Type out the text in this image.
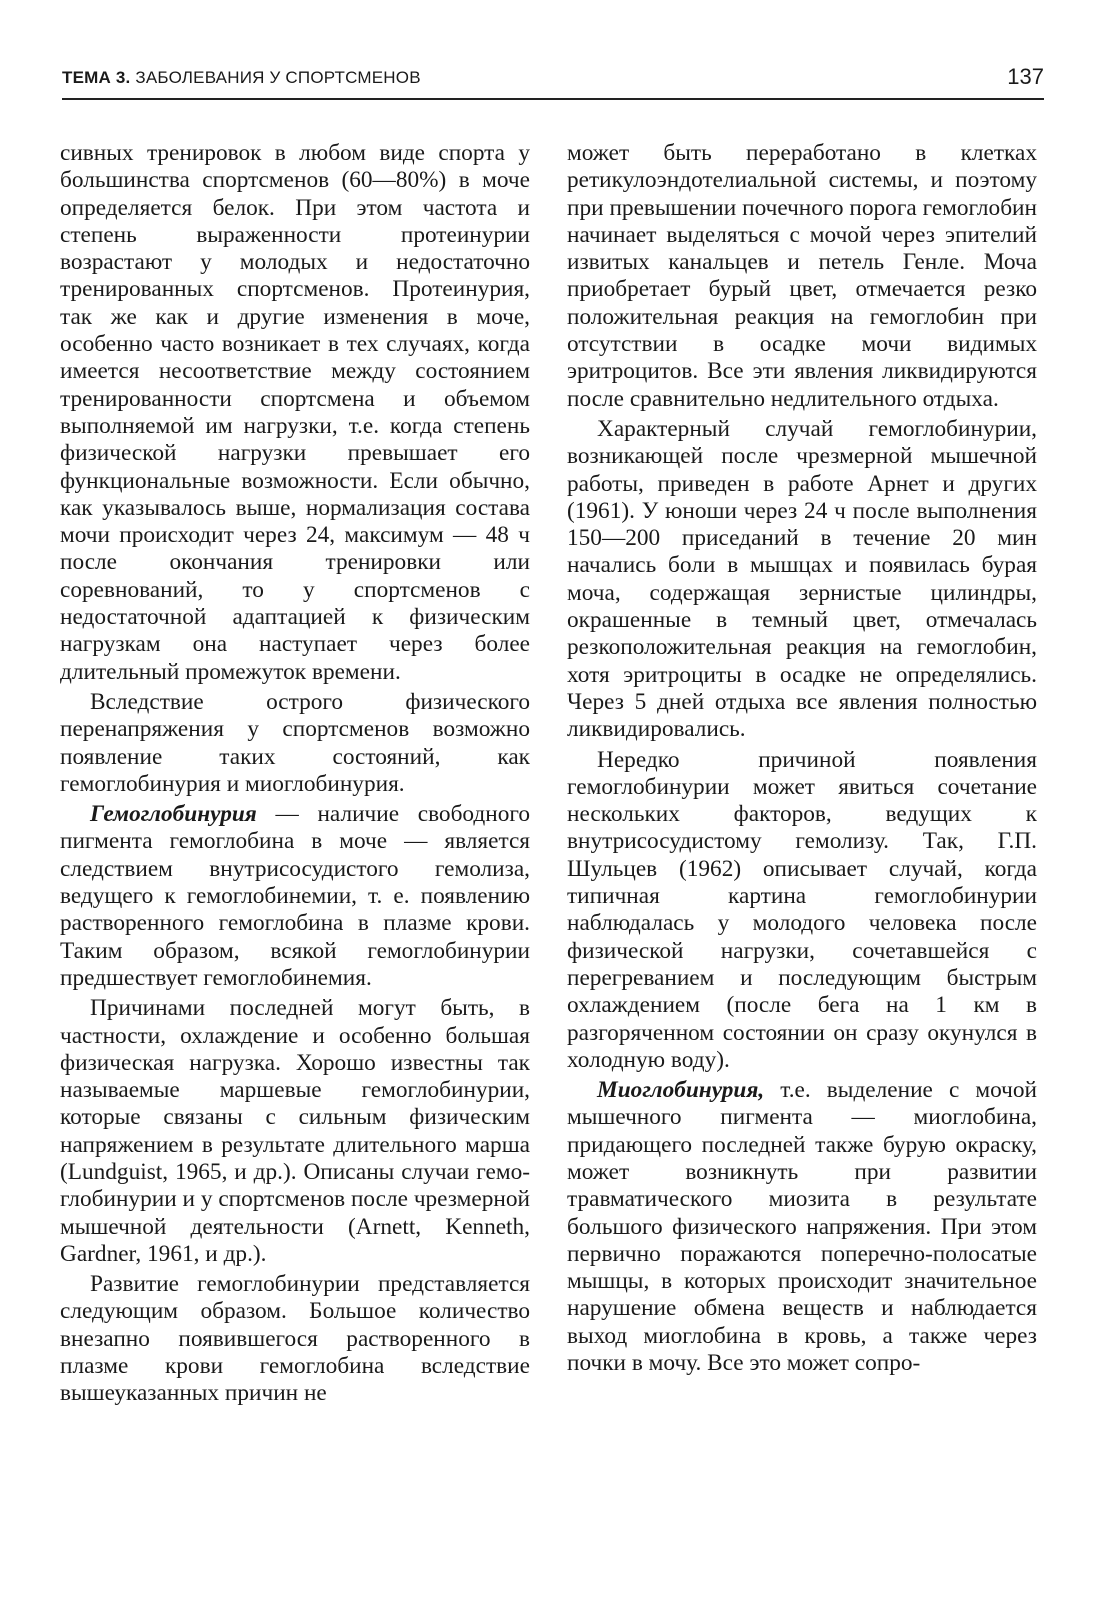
ТЕМА 3. ЗАБОЛЕВАНИЯ У СПОРТСМЕНОВ	137

сивных тренировок в любом виде спорта у большинства спортсменов (60—80%) в моче определяется белок. При этом частота и степень выраженности протеинурии возрастают у молодых и недостаточно тренированных спортсменов. Протеинурия, так же как и другие изменения в моче, особенно часто возникает в тех случаях, когда имеется несоответствие между состоянием тренированности спортсмена и объемом выполняемой им нагрузки, т.е. когда степень физической нагрузки превышает его функциональные возможности. Если обычно, как указывалось выше, нормализация состава мочи происходит через 24, максимум — 48 ч после окончания тренировки или соревнований, то у спортсменов с недостаточной адаптацией к физическим нагрузкам она наступает через более длительный промежуток времени.

Вследствие острого физического перенапряжения у спортсменов возможно появление таких состояний, как гемоглобинурия и миоглобинурия.

Гемоглобинурия — наличие свободного пигмента гемоглобина в моче — является следствием внутрисосудистого гемолиза, ведущего к гемоглобинемии, т. е. появлению растворенного гемоглобина в плазме крови. Таким образом, всякой гемоглобинурии предшествует гемоглобинемия.

Причинами последней могут быть, в частности, охлаждение и особенно большая физическая нагрузка. Хорошо известны так называемые маршевые гемоглобинурии, которые связаны с сильным физическим напряжением в результате длительного марша (Lundguist, 1965, и др.). Описаны случаи гемо-глобинурии и у спортсменов после чрезмерной мышечной деятельности (Arnett, Kenneth, Gardner, 1961, и др.).

Развитие гемоглобинурии представляется следующим образом. Большое количество внезапно появившегося растворенного в плазме крови гемоглобина вследствие вышеуказанных причин не

может быть переработано в клетках ретикулоэндотелиальной системы, и поэтому при превышении почечного порога гемоглобин начинает выделяться с мочой через эпителий извитых канальцев и петель Генле. Моча приобретает бурый цвет, отмечается резко положительная реакция на гемоглобин при отсутствии в осадке мочи видимых эритроцитов. Все эти явления ликвидируются после сравнительно недлительного отдыха.

Характерный случай гемоглобинурии, возникающей после чрезмерной мышечной работы, приведен в работе Арнет и других (1961). У юноши через 24 ч после выполнения 150—200 приседаний в течение 20 мин начались боли в мышцах и появилась бурая моча, содержащая зернистые цилиндры, окрашенные в темный цвет, отмечалась резкоположительная реакция на гемоглобин, хотя эритроциты в осадке не определялись. Через 5 дней отдыха все явления полностью ликвидировались.

Нередко причиной появления гемоглобинурии может явиться сочетание нескольких факторов, ведущих к внутрисосудистому гемолизу. Так, Г.П. Шульцев (1962) описывает случай, когда типичная картина гемоглобинурии наблюдалась у молодого человека после физической нагрузки, сочетавшейся с перегреванием и последующим быстрым охлаждением (после бега на 1 км в разгоряченном состоянии он сразу окунулся в холодную воду).

Миоглобинурия, т.е. выделение с мочой мышечного пигмента — миоглобина, придающего последней также бурую окраску, может возникнуть при развитии травматического миозита в результате большого физического напряжения. При этом первично поражаются поперечно-полосатые мышцы, в которых происходит значительное нарушение обмена веществ и наблюдается выход миоглобина в кровь, а также через почки в мочу. Все это может сопро-
